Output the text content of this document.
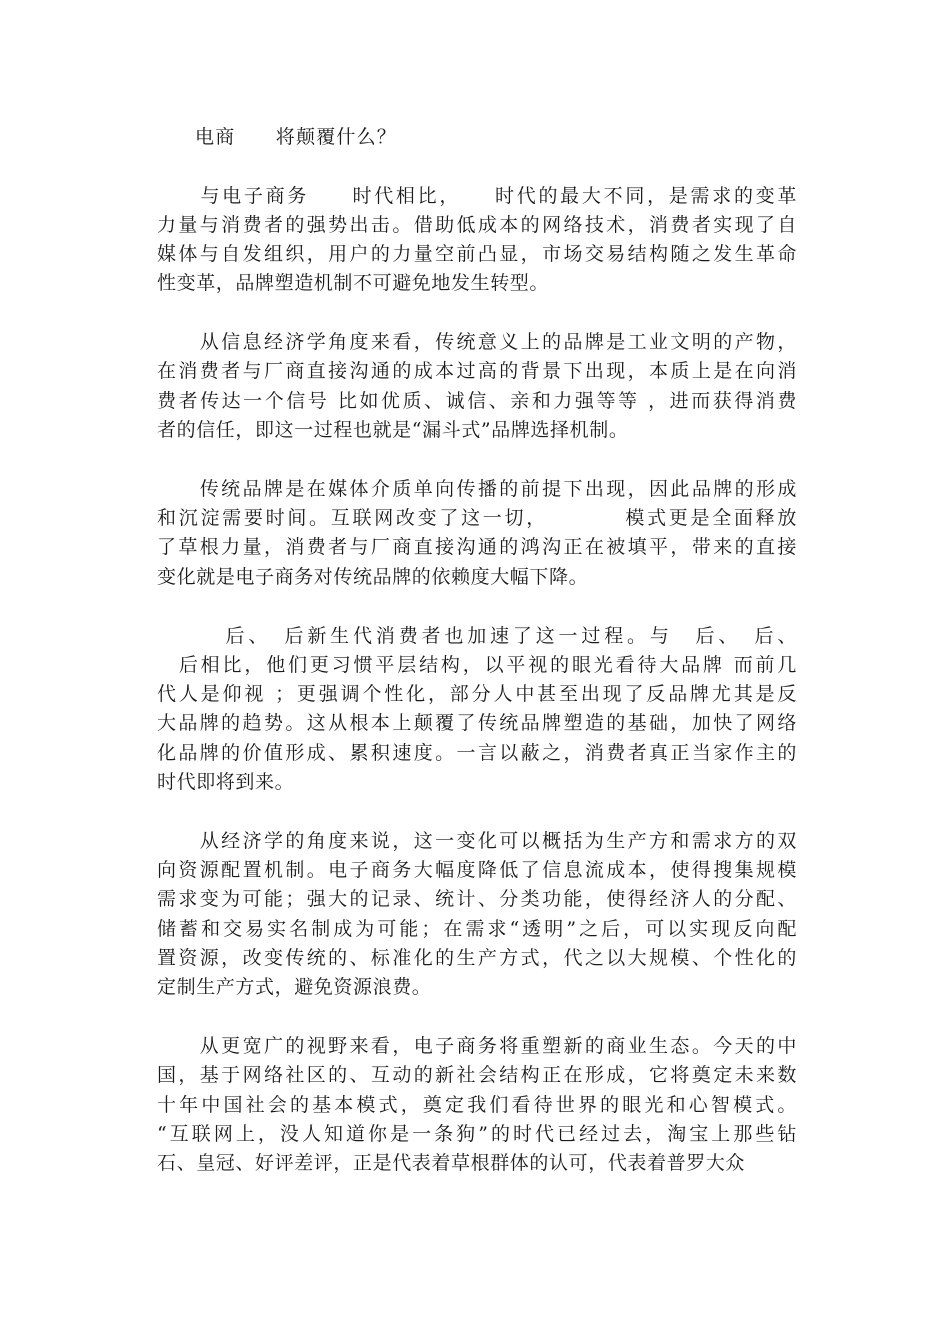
电商　　将颠覆什么？

　　与电子商务　　时代相比，　　时代的最大不同，是需求的变革
力量与消费者的强势出击。借助低成本的网络技术，消费者实现了自
媒体与自发组织，用户的力量空前凸显，市场交易结构随之发生革命
性变革，品牌塑造机制不可避免地发生转型。

　　从信息经济学角度来看，传统意义上的品牌是工业文明的产物，
在消费者与厂商直接沟通的成本过高的背景下出现，本质上是在向消
费者传达一个信号 比如优质、诚信、亲和力强等等 ，进而获得消费
者的信任，即这一过程也就是“漏斗式”品牌选择机制。

　　传统品牌是在媒体介质单向传播的前提下出现，因此品牌的形成
和沉淀需要时间。互联网改变了这一切，　　　　模式更是全面释放
了草根力量，消费者与厂商直接沟通的鸿沟正在被填平，带来的直接
变化就是电子商务对传统品牌的依赖度大幅下降。

　　　后、　后新生代消费者也加速了这一过程。与　后、　后、
　后相比，他们更习惯平层结构，以平视的眼光看待大品牌 而前几
代人是仰视 ；更强调个性化，部分人中甚至出现了反品牌尤其是反
大品牌的趋势。这从根本上颠覆了传统品牌塑造的基础，加快了网络
化品牌的价值形成、累积速度。一言以蔽之，消费者真正当家作主的
时代即将到来。

　　从经济学的角度来说，这一变化可以概括为生产方和需求方的双
向资源配置机制。电子商务大幅度降低了信息流成本，使得搜集规模
需求变为可能；强大的记录、统计、分类功能，使得经济人的分配、
储蓄和交易实名制成为可能；在需求“透明”之后，可以实现反向配
置资源，改变传统的、标准化的生产方式，代之以大规模、个性化的
定制生产方式，避免资源浪费。

　　从更宽广的视野来看，电子商务将重塑新的商业生态。今天的中
国，基于网络社区的、互动的新社会结构正在形成，它将奠定未来数
十年中国社会的基本模式，奠定我们看待世界的眼光和心智模式。
“互联网上，没人知道你是一条狗”的时代已经过去，淘宝上那些钻
石、皇冠、好评差评，正是代表着草根群体的认可，代表着普罗大众
